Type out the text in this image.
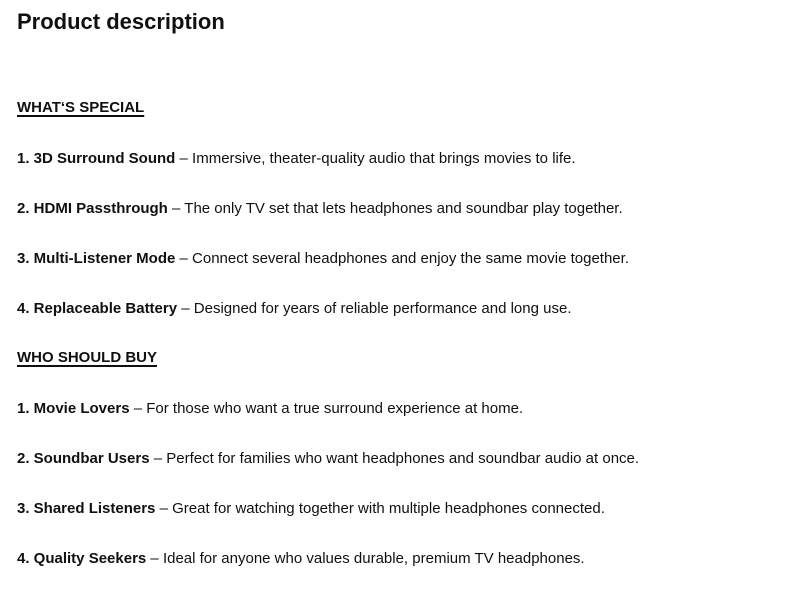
Product description
WHAT‘S SPECIAL

1. 3D Surround Sound – Immersive, theater-quality audio that brings movies to life.

2. HDMI Passthrough – The only TV set that lets headphones and soundbar play together.

3. Multi-Listener Mode – Connect several headphones and enjoy the same movie together.

4. Replaceable Battery – Designed for years of reliable performance and long use.

WHO SHOULD BUY

1. Movie Lovers – For those who want a true surround experience at home.

2. Soundbar Users – Perfect for families who want headphones and soundbar audio at once.

3. Shared Listeners – Great for watching together with multiple headphones connected.

4. Quality Seekers – Ideal for anyone who values durable, premium TV headphones.
